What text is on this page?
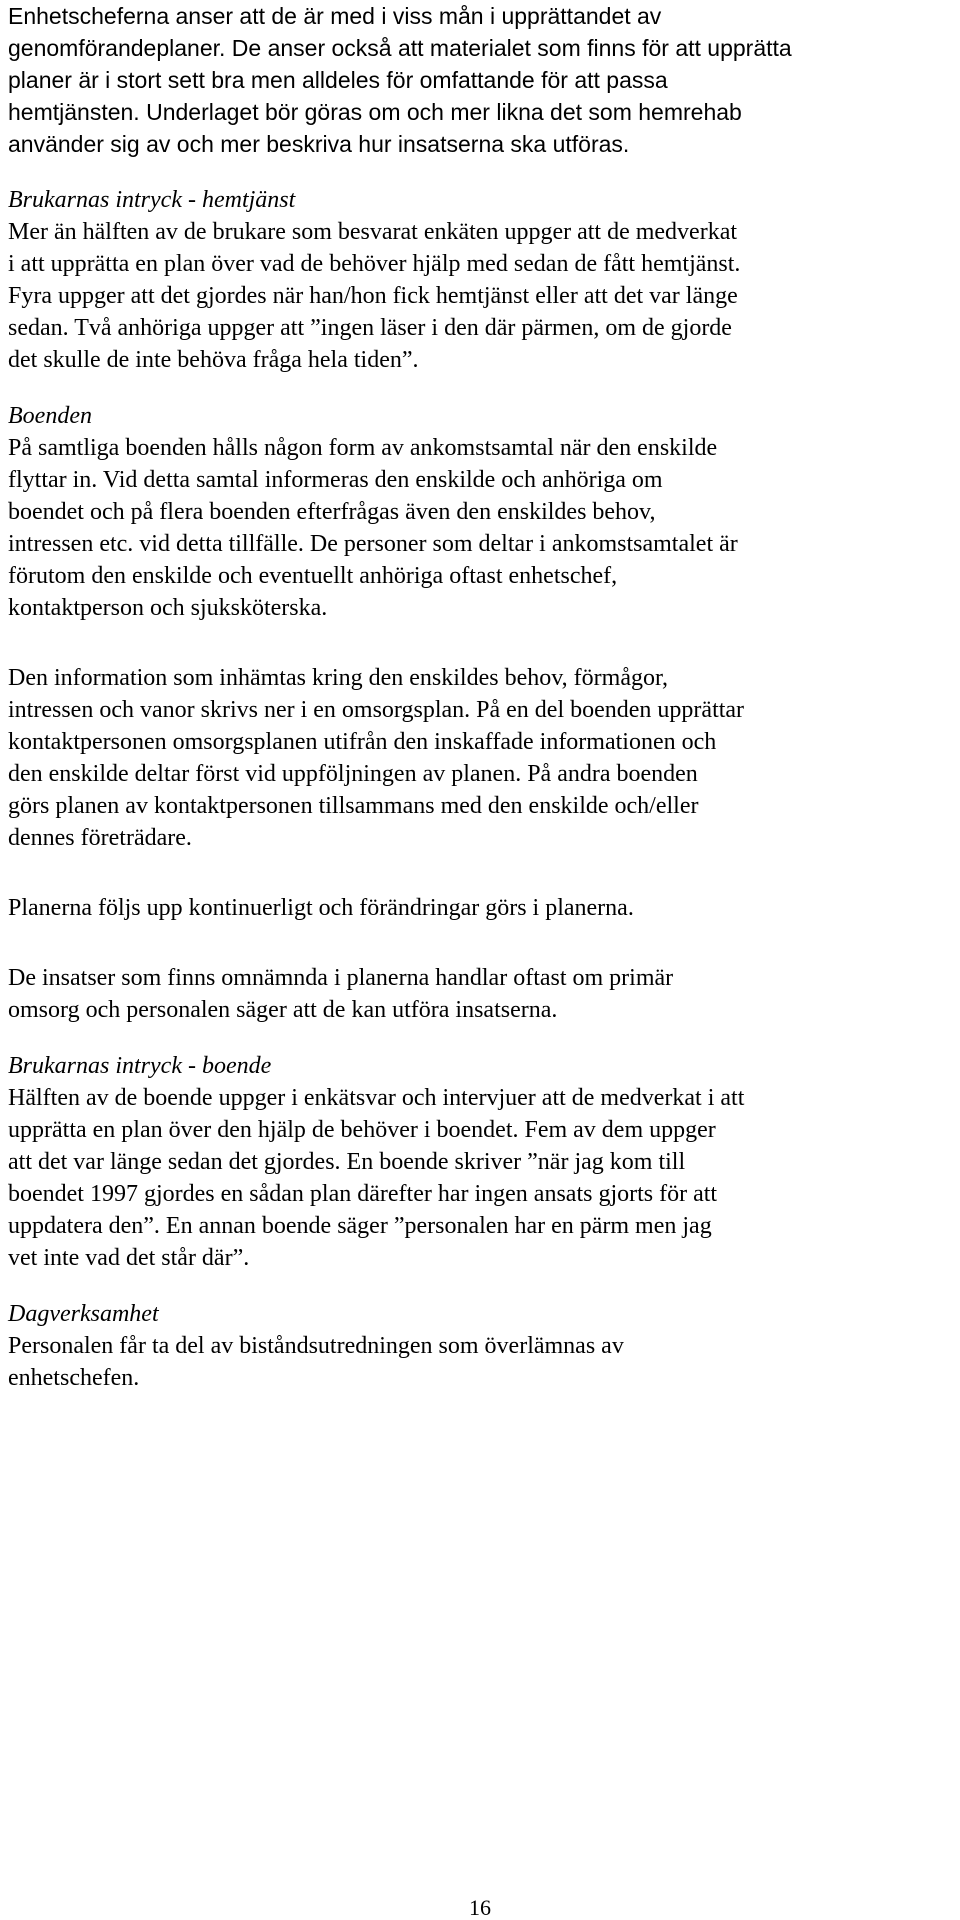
Enhetscheferna anser att de är med i viss mån i upprättandet av
genomförandeplaner. De anser också att materialet som finns för att upprätta
planer är i stort sett bra men alldeles för omfattande för att passa
hemtjänsten. Underlaget bör göras om och mer likna det som hemrehab
använder sig av och mer beskriva hur insatserna ska utföras.
Brukarnas intryck - hemtjänst
Mer än hälften av de brukare som besvarat enkäten uppger att de medverkat
i att upprätta en plan över vad de behöver hjälp med sedan de fått hemtjänst.
Fyra uppger att det gjordes när han/hon fick hemtjänst eller att det var länge
sedan. Två anhöriga uppger att ”ingen läser i den där pärmen, om de gjorde
det skulle de inte behöva fråga hela tiden”.
Boenden
På samtliga boenden hålls någon form av ankomstsamtal när den enskilde
flyttar in. Vid detta samtal informeras den enskilde och anhöriga om
boendet och på flera boenden efterfrågas även den enskildes behov,
intressen etc. vid detta tillfälle. De personer som deltar i ankomstsamtalet är
förutom den enskilde och eventuellt anhöriga oftast enhetschef,
kontaktperson och sjuksköterska.
Den information som inhämtas kring den enskildes behov, förmågor,
intressen och vanor skrivs ner i en omsorgsplan. På en del boenden upprättar
kontaktpersonen omsorgsplanen utifrån den inskaffade informationen och
den enskilde deltar först vid uppföljningen av planen. På andra boenden
görs planen av kontaktpersonen tillsammans med den enskilde och/eller
dennes företrädare.
Planerna följs upp kontinuerligt och förändringar görs i planerna.
De insatser som finns omnämnda i planerna handlar oftast om primär
omsorg och personalen säger att de kan utföra insatserna.
Brukarnas intryck - boende
Hälften av de boende uppger i enkätsvar och intervjuer att de medverkat i att
upprätta en plan över den hjälp de behöver i boendet. Fem av dem uppger
att det var länge sedan det gjordes. En boende skriver ”när jag kom till
boendet 1997 gjordes en sådan plan därefter har ingen ansats gjorts för att
uppdatera den”. En annan boende säger ”personalen har en pärm men jag
vet inte vad det står där”.
Dagverksamhet
Personalen får ta del av biståndsutredningen som överlämnas av
enhetschefen.
16
